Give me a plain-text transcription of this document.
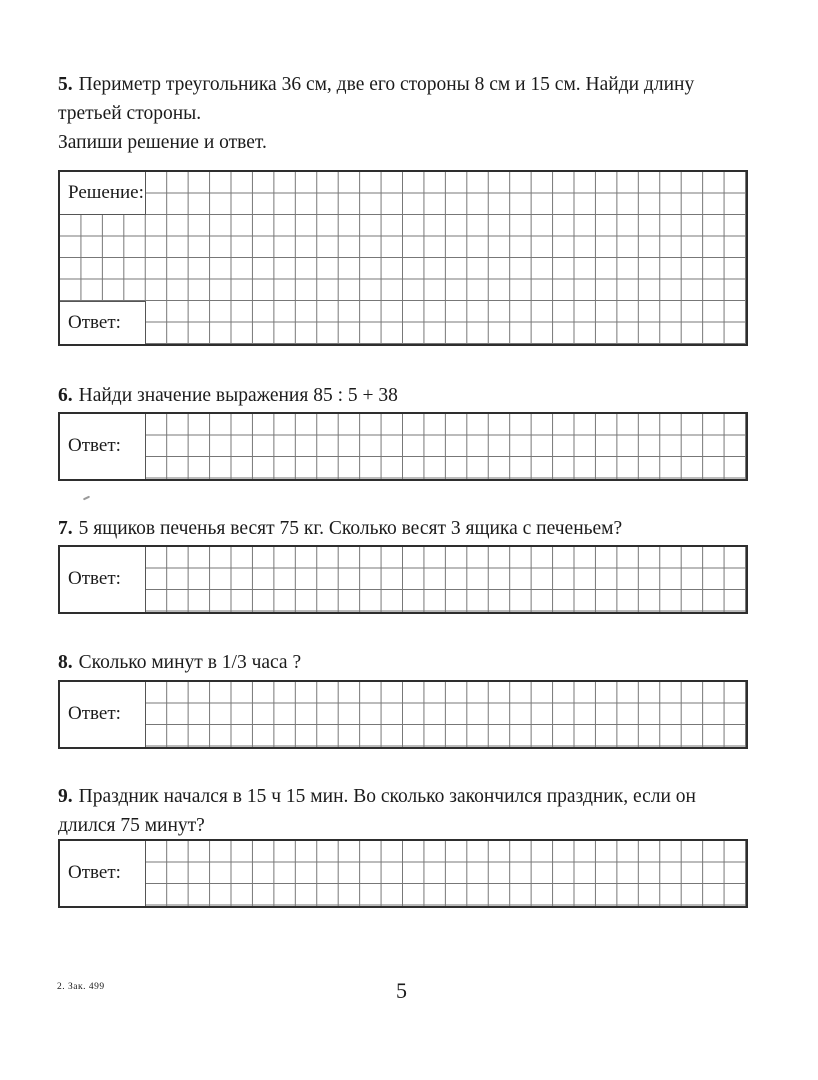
5. Периметр треугольника 36 см, две его стороны 8 см и 15 см. Найди длину
третьей стороны.
Запиши решение и ответ.
Решение:
Ответ:
6. Найди значение выражения 85 : 5 + 38
Ответ:
7. 5 ящиков печенья весят 75 кг. Сколько весят 3 ящика с печеньем?
Ответ:
8. Сколько минут в 1/3 часа ?
Ответ:
9. Праздник начался в 15 ч 15 мин. Во сколько закончился праздник, если он
длился 75 минут?
Ответ:
2. Зак. 499	5
